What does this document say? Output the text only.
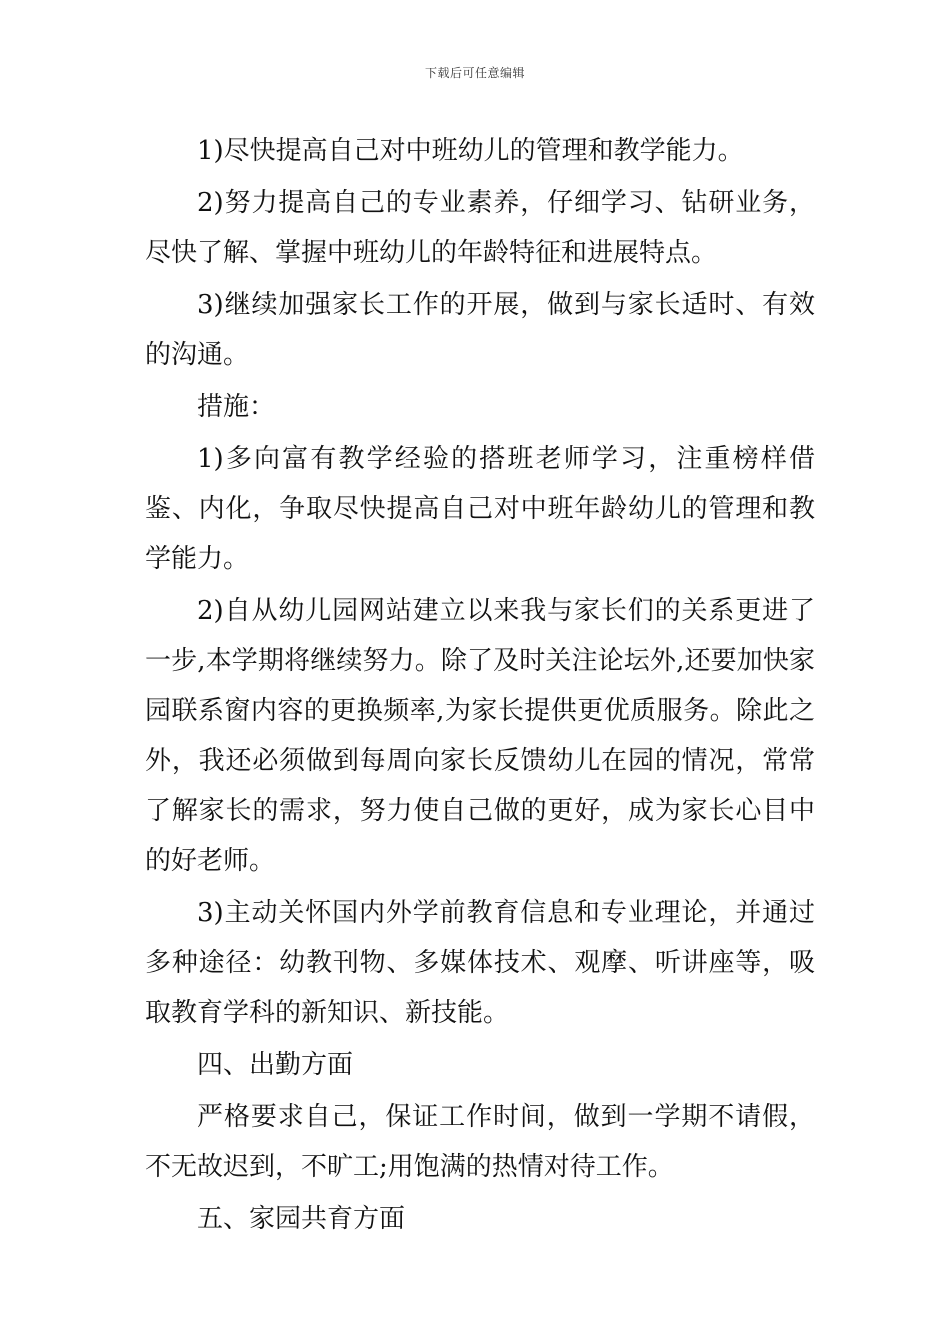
下载后可任意编辑

1)尽快提高自己对中班幼儿的管理和教学能力。

2)努力提高自己的专业素养，仔细学习、钻研业务，尽快了解、掌握中班幼儿的年龄特征和进展特点。

3)继续加强家长工作的开展，做到与家长适时、有效的沟通。

措施：

1)多向富有教学经验的搭班老师学习，注重榜样借鉴、内化，争取尽快提高自己对中班年龄幼儿的管理和教学能力。

2)自从幼儿园网站建立以来我与家长们的关系更进了一步,本学期将继续努力。除了及时关注论坛外,还要加快家园联系窗内容的更换频率,为家长提供更优质服务。除此之外，我还必须做到每周向家长反馈幼儿在园的情况，常常了解家长的需求，努力使自己做的更好，成为家长心目中的好老师。

3)主动关怀国内外学前教育信息和专业理论，并通过多种途径：幼教刊物、多媒体技术、观摩、听讲座等，吸取教育学科的新知识、新技能。

四、出勤方面

严格要求自己，保证工作时间，做到一学期不请假，不无故迟到，不旷工;用饱满的热情对待工作。

五、家园共育方面
